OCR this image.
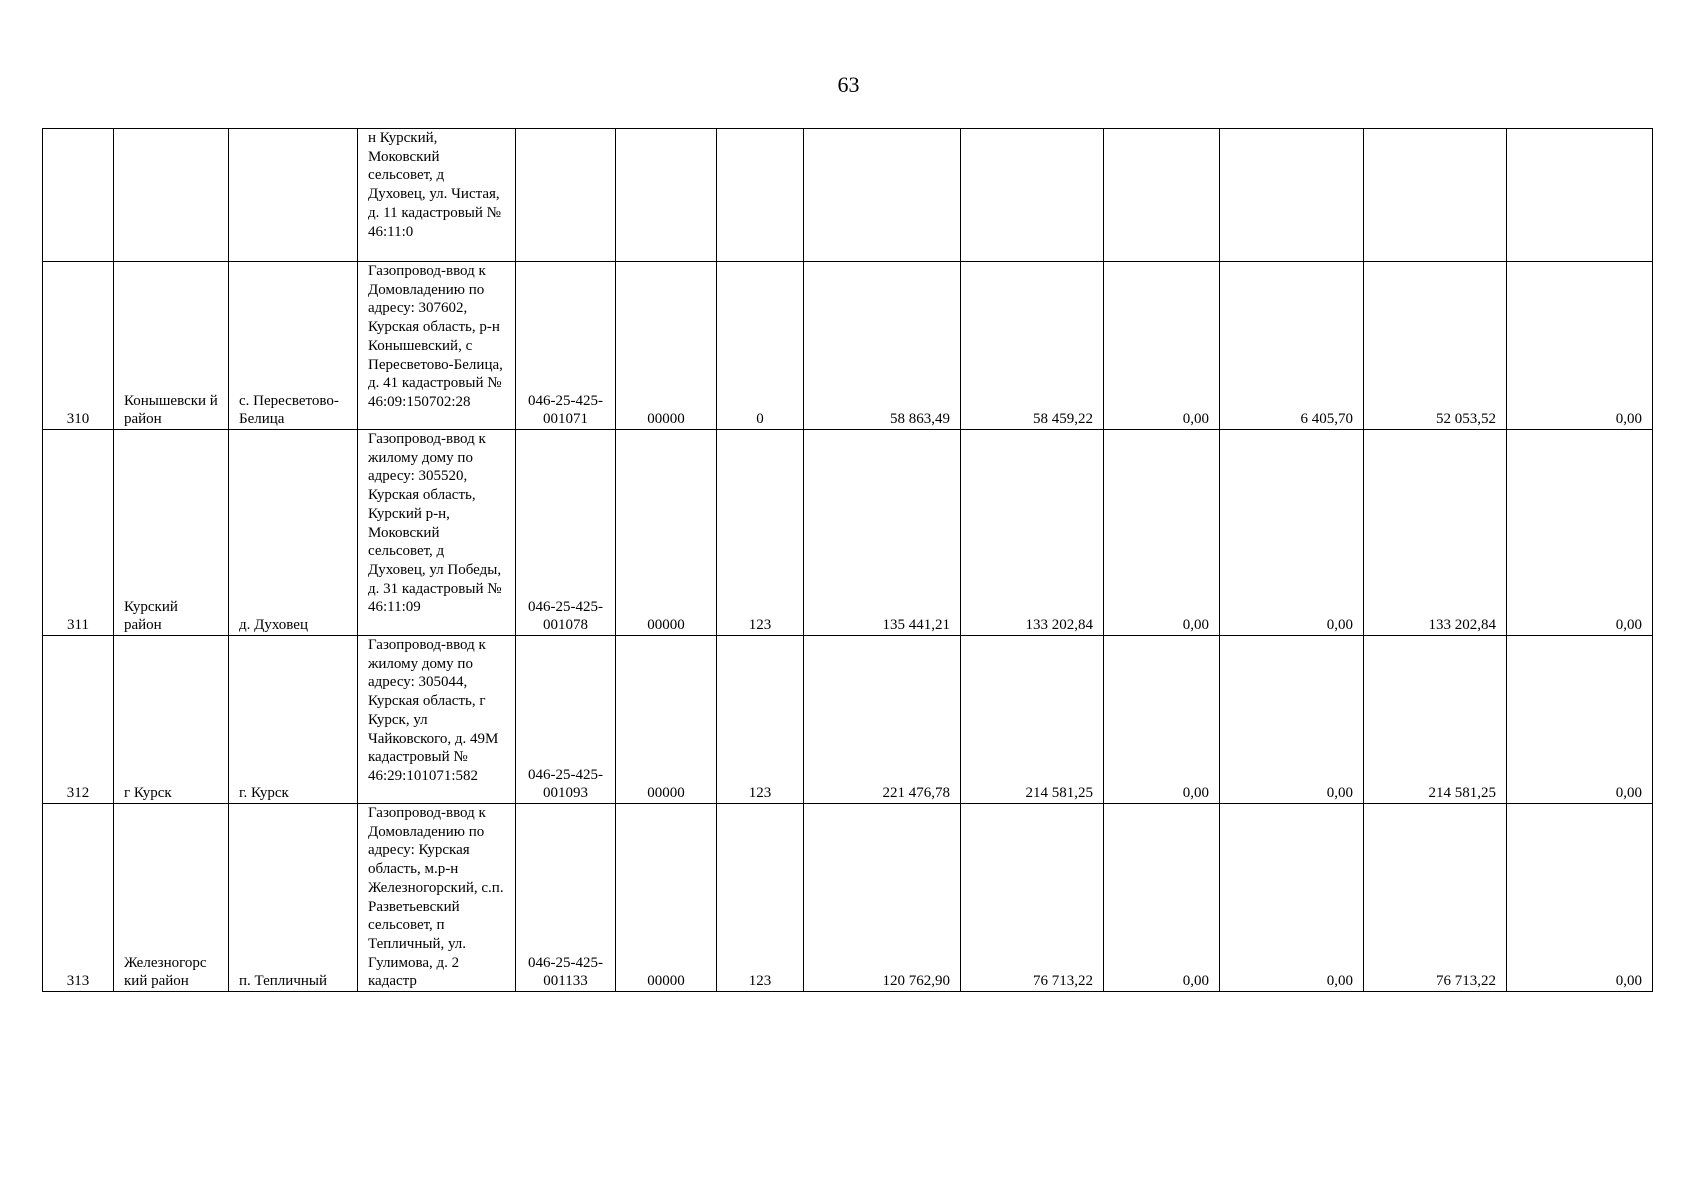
63
			н Курский, Моковский сельсовет, д Духовец, ул. Чистая, д. 11 кадастровый № 46:11:0									
310	Конышевски й район	с. Пересветово-Белица	Газопровод-ввод к Домовладению по адресу: 307602, Курская область, р-н Конышевский, с Пересветово-Белица, д. 41 кадастровый № 46:09:150702:28	046-25-425-001071	00000	0	58 863,49	58 459,22	0,00	6 405,70	52 053,52	0,00
311	Курский район	д. Духовец	Газопровод-ввод к жилому дому по адресу: 305520, Курская область, Курский р-н, Моковский сельсовет, д Духовец, ул Победы, д. 31 кадастровый № 46:11:09	046-25-425-001078	00000	123	135 441,21	133 202,84	0,00	0,00	133 202,84	0,00
312	г Курск	г. Курск	Газопровод-ввод к жилому дому по адресу: 305044, Курская область, г Курск, ул Чайковского, д. 49М кадастровый № 46:29:101071:582	046-25-425-001093	00000	123	221 476,78	214 581,25	0,00	0,00	214 581,25	0,00
313	Железногорс кий район	п. Тепличный	Газопровод-ввод к Домовладению по адресу: Курская область, м.р-н Железногорский, с.п. Разветьевский сельсовет, п Тепличный, ул. Гулимова, д. 2 кадастр	046-25-425-001133	00000	123	120 762,90	76 713,22	0,00	0,00	76 713,22	0,00
